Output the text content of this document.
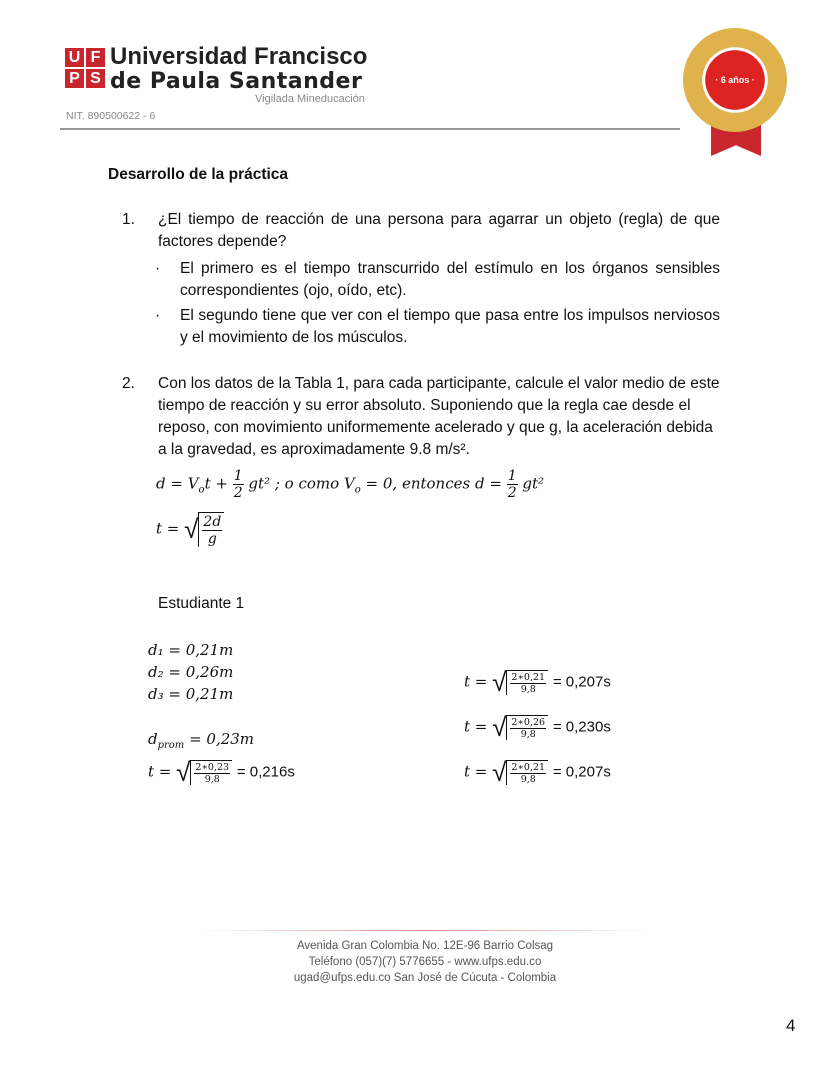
U F
P S
Universidad Francisco
de Paula Santander
Vigilada Mineducación
NIT. 890500622 - 6
· 6 años ·
Desarrollo de la práctica

1. ¿El tiempo de reacción de una persona para agarrar un objeto (regla) de que factores depende?

· El primero es el tiempo transcurrido del estímulo en los órganos sensibles correspondientes (ojo, oído, etc).

· El segundo tiene que ver con el tiempo que pasa entre los impulsos nerviosos y el movimiento de los músculos.

2. Con los datos de la Tabla 1, para cada participante, calcule el valor medio de este tiempo de reacción y su error absoluto. Suponiendo que la regla cae desde el reposo, con movimiento uniformemente acelerado y que g, la aceleración debida a la gravedad, es aproximadamente 9.8 m/s².

$d = V_ot + \frac{1}{2} gt^2$ ; o como $V_o = 0$, entonces $d = \frac{1}{2} gt^2$
t = √ $\frac{2d}{g}$

Estudiante 1

d₁ = 0,21m
d₂ = 0,26m
d₃ = 0,21m
$d_{prom} = 0,23m$
t = √ $\frac{2∗0,23}{9,8} = 0,216s$
t = √ $\frac{2∗0,21}{9,8} = 0,207s$
t = √ $\frac{2∗0,26}{9,8} = 0,230s$
t = √ $\frac{2∗0,21}{9,8} = 0,207s$
Avenida Gran Colombia No. 12E-96 Barrio Colsag
Teléfono (057)(7) 5776655 - www.ufps.edu.co
ugad@ufps.edu.co San José de Cúcuta - Colombia
4
